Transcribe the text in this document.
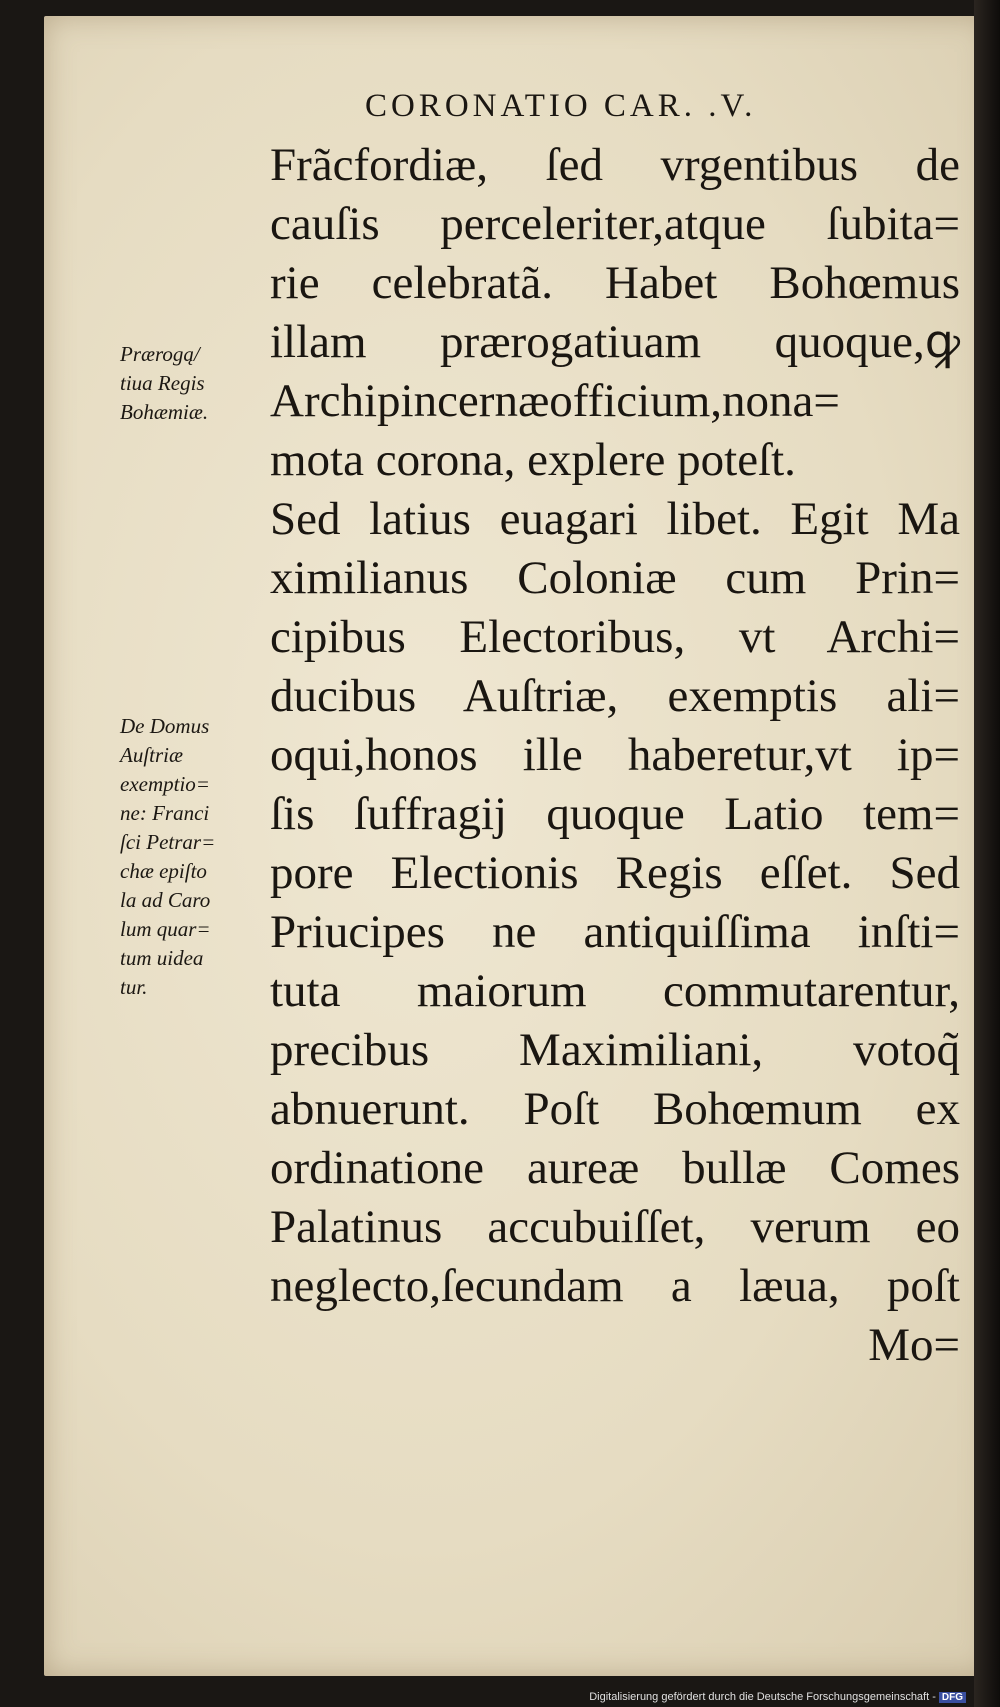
CORONATIO CAR. .V.
Frãcfordiæ, ſed vrgentibus de
cauſis perceleriter,atque ſubita=
rie celebratã. Habet Bohœmus
illam prærogatiuam quoque,ꝙ
Archipincernæofficium,nona=
mota corona, explere poteſt.
Sed latius euagari libet. Egit Ma
ximilianus Coloniæ cum Prin=
cipibus Electoribus, vt Archi=
ducibus Auſtriæ, exemptis ali=
oqui,honos ille haberetur,vt ip=
ſis ſuffragĳ quoque Latio tem=
pore Electionis Regis eſſet. Sed
Priucipes ne antiquiſſima inſti=
tuta maiorum commutarentur,
precibus Maximiliani, votoq̃
abnuerunt. Poſt Bohœmum ex
ordinatione aureæ bullæ Comes
Palatinus accubuiſſet, verum eo
neglecto,ſecundam a læua, poſt
Mo=
Prærogą/
tiua Regis
Bohæmiæ.
De Domus
Auſtriæ
exemptio=
ne: Franci
ſci Petrar=
chæ epiſto
la ad Caro
lum quar=
tum uidea
tur.
Digitalisierung gefördert durch die Deutsche Forschungsgemeinschaft - DFG
